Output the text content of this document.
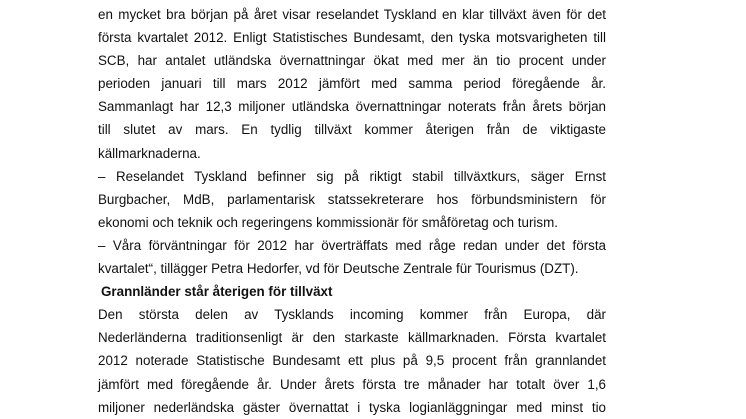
en mycket bra början på året visar reselandet Tyskland en klar tillväxt även för det
första kvartalet 2012. Enligt Statistisches Bundesamt, den tyska motsvarigheten till
SCB, har antalet utländska övernattningar ökat med mer än tio procent under
perioden januari till mars 2012 jämfört med samma period föregående år.
Sammanlagt har 12,3 miljoner utländska övernattningar noterats från årets början
till slutet av mars. En tydlig tillväxt kommer återigen från de viktigaste
källmarknaderna.
– Reselandet Tyskland befinner sig på riktigt stabil tillväxtkurs, säger Ernst
Burgbacher, MdB, parlamentarisk statssekreterare hos förbundsministern för
ekonomi och teknik och regeringens kommissionär för småföretag och turism.
– Våra förväntningar för 2012 har överträffats med råge redan under det första
kvartalet“, tillägger Petra Hedorfer, vd för Deutsche Zentrale für Tourismus (DZT).
Grannländer står återigen för tillväxt
Den största delen av Tysklands incoming kommer från Europa, där
Nederländerna traditionsenligt är den starkaste källmarknaden. Första kvartalet
2012 noterade Statistische Bundesamt ett plus på 9,5 procent från grannlandet
jämfört med föregående år. Under årets första tre månader har totalt över 1,6
miljoner nederländska gäster övernattat i tyska logianläggningar med minst tio
